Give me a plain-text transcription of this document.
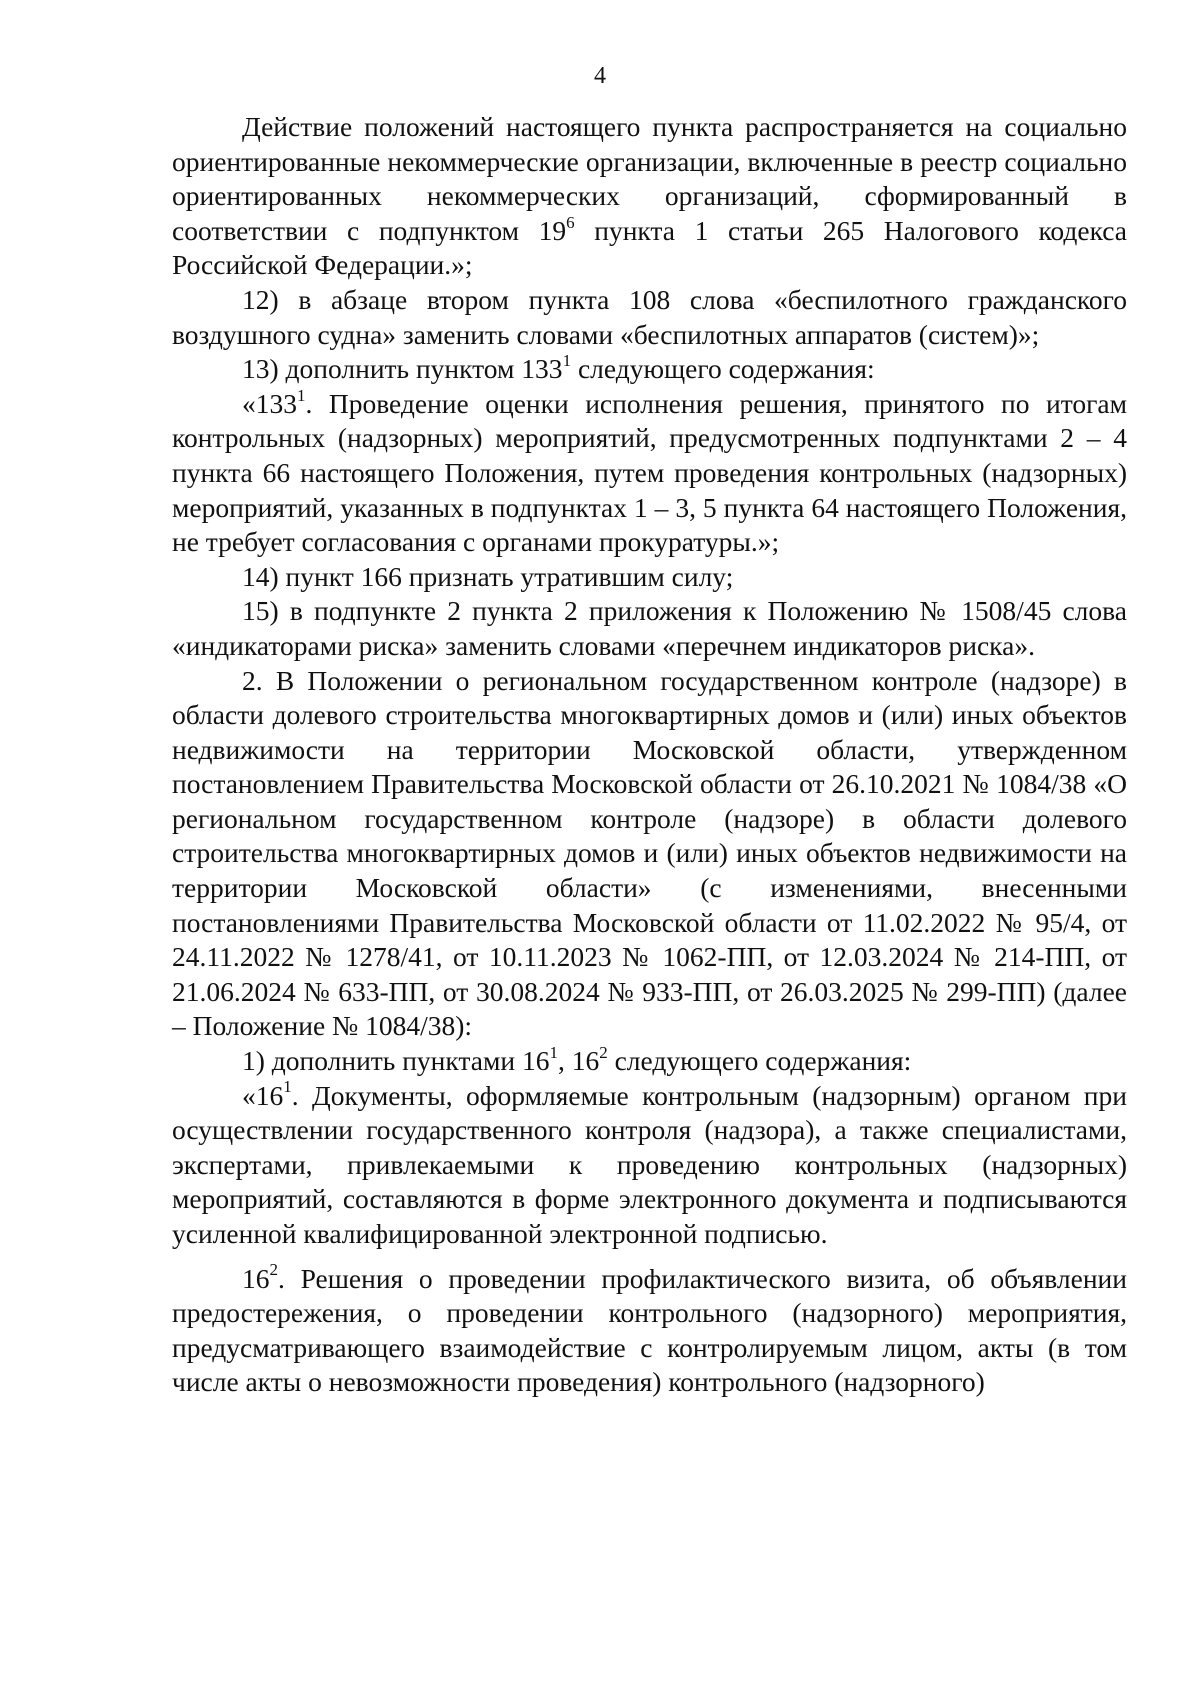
4

Действие положений настоящего пункта распространяется на социально ориентированные некоммерческие организации, включенные в реестр социально ориентированных некоммерческих организаций, сформированный в соответствии с подпунктом $19^6$ пункта 1 статьи 265 Налогового кодекса Российской Федерации.»;

12) в абзаце втором пункта 108 слова «беспилотного гражданского воздушного судна» заменить словами «беспилотных аппаратов (систем)»;

13) дополнить пунктом $133^1$ следующего содержания:

«$133^1$. Проведение оценки исполнения решения, принятого по итогам контрольных (надзорных) мероприятий, предусмотренных подпунктами 2 – 4 пункта 66 настоящего Положения, путем проведения контрольных (надзорных) мероприятий, указанных в подпунктах 1 – 3, 5 пункта 64 настоящего Положения, не требует согласования с органами прокуратуры.»;

14) пункт 166 признать утратившим силу;

15) в подпункте 2 пункта 2 приложения к Положению № 1508/45 слова «индикаторами риска» заменить словами «перечнем индикаторов риска».

2. В Положении о региональном государственном контроле (надзоре) в области долевого строительства многоквартирных домов и (или) иных объектов недвижимости на территории Московской области, утвержденном постановлением Правительства Московской области от 26.10.2021 № 1084/38 «О региональном государственном контроле (надзоре) в области долевого строительства многоквартирных домов и (или) иных объектов недвижимости на территории Московской области» (с изменениями, внесенными постановлениями Правительства Московской области от 11.02.2022 № 95/4, от 24.11.2022 № 1278/41, от 10.11.2023 № 1062-ПП, от 12.03.2024 № 214-ПП, от 21.06.2024 № 633-ПП, от 30.08.2024 № 933-ПП, от 26.03.2025 № 299-ПП) (далее – Положение № 1084/38):

1) дополнить пунктами $16^1$, $16^2$ следующего содержания:

«$16^1$. Документы, оформляемые контрольным (надзорным) органом при осуществлении государственного контроля (надзора), а также специалистами, экспертами, привлекаемыми к проведению контрольных (надзорных) мероприятий, составляются в форме электронного документа и подписываются усиленной квалифицированной электронной подписью.

$16^2$. Решения о проведении профилактического визита, об объявлении предостережения, о проведении контрольного (надзорного) мероприятия, предусматривающего взаимодействие с контролируемым лицом, акты (в том числе акты о невозможности проведения) контрольного (надзорного)
